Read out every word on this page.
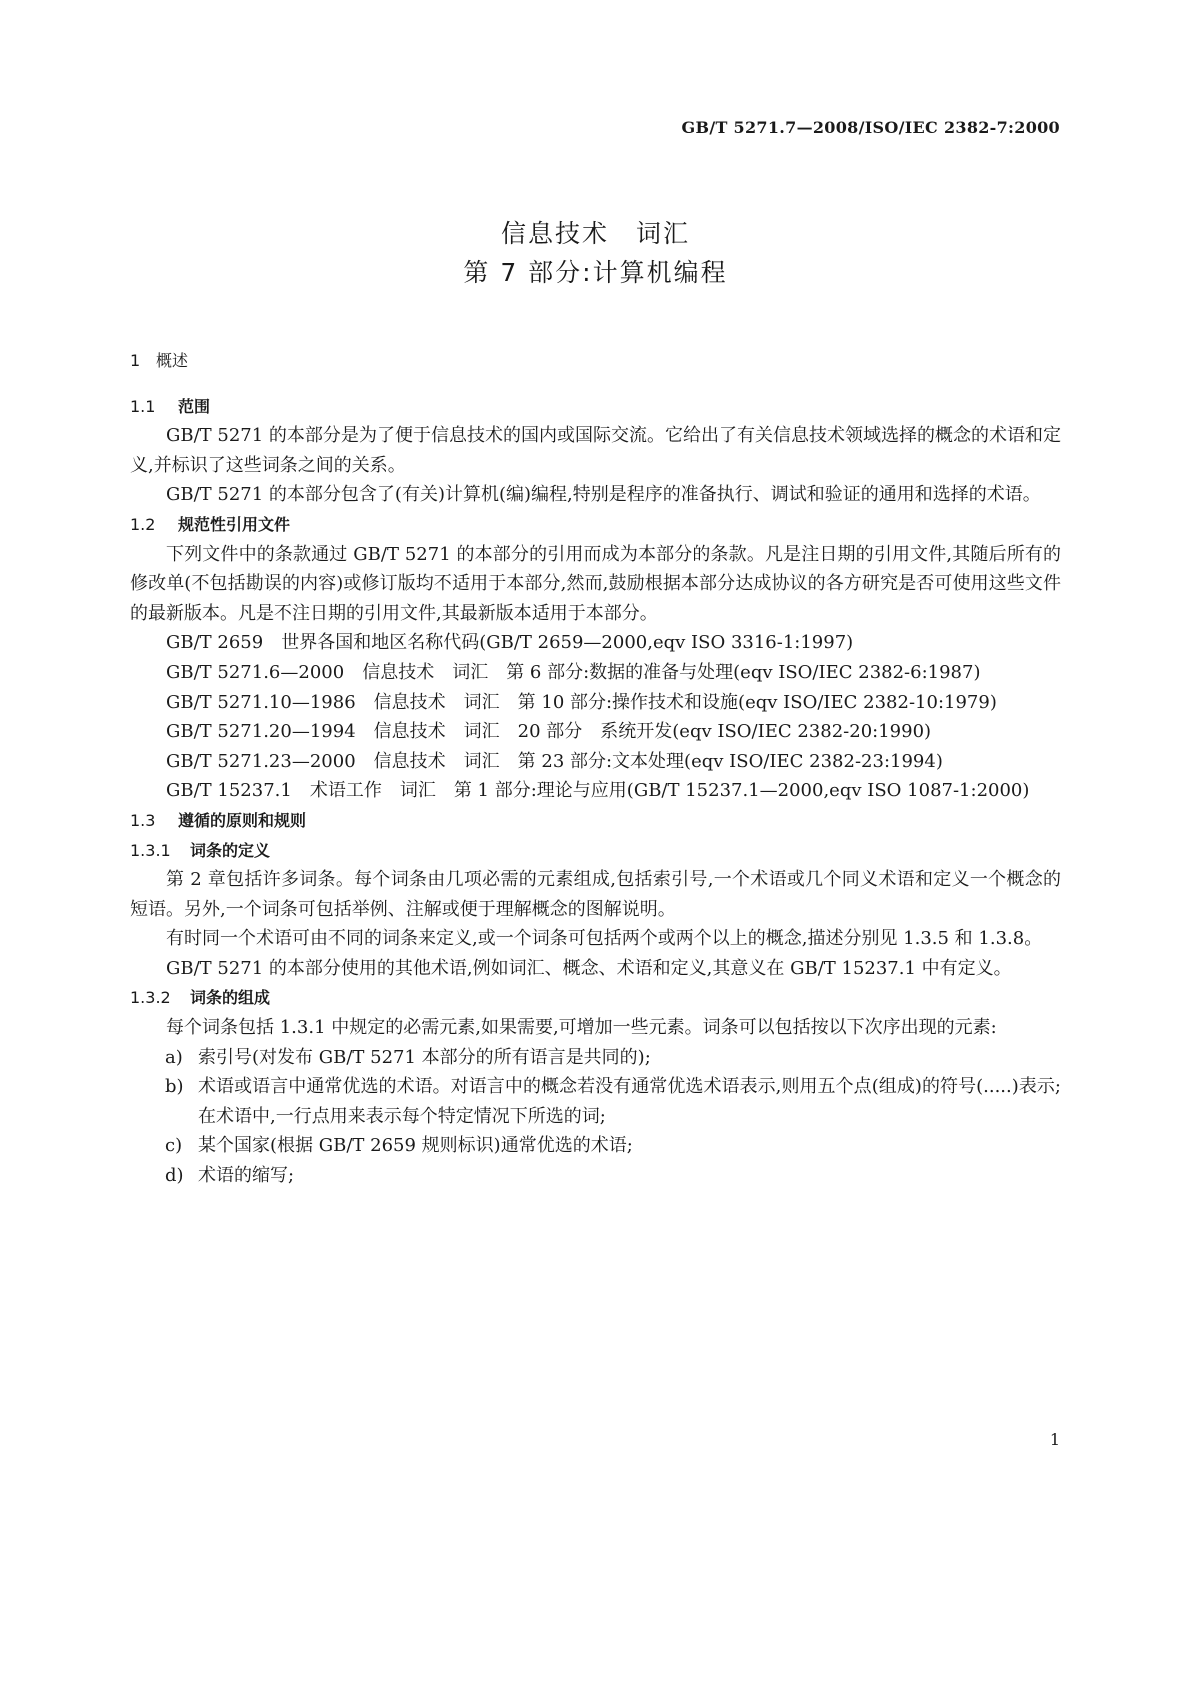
GB/T 5271.7—2008/ISO/IEC 2382-7:2000
信息技术　词汇
第 7 部分:计算机编程
1 概述
1.1 范围

GB/T 5271 的本部分是为了便于信息技术的国内或国际交流。它给出了有关信息技术领域选择的概念的术语和定义,并标识了这些词条之间的关系。

GB/T 5271 的本部分包含了(有关)计算机(编)编程,特别是程序的准备执行、调试和验证的通用和选择的术语。

1.2 规范性引用文件

下列文件中的条款通过 GB/T 5271 的本部分的引用而成为本部分的条款。凡是注日期的引用文件,其随后所有的修改单(不包括勘误的内容)或修订版均不适用于本部分,然而,鼓励根据本部分达成协议的各方研究是否可使用这些文件的最新版本。凡是不注日期的引用文件,其最新版本适用于本部分。

GB/T 2659　世界各国和地区名称代码(GB/T 2659—2000,eqv ISO 3316-1:1997)

GB/T 5271.6—2000　信息技术　词汇　第 6 部分:数据的准备与处理(eqv ISO/IEC 2382-6:1987)

GB/T 5271.10—1986　信息技术　词汇　第 10 部分:操作技术和设施(eqv ISO/IEC 2382-10:1979)

GB/T 5271.20—1994　信息技术　词汇　20 部分　系统开发(eqv ISO/IEC 2382-20:1990)

GB/T 5271.23—2000　信息技术　词汇　第 23 部分:文本处理(eqv ISO/IEC 2382-23:1994)

GB/T 15237.1　术语工作　词汇　第 1 部分:理论与应用(GB/T 15237.1—2000,eqv ISO 1087-1:2000)

1.3 遵循的原则和规则
1.3.1 词条的定义

第 2 章包括许多词条。每个词条由几项必需的元素组成,包括索引号,一个术语或几个同义术语和定义一个概念的短语。另外,一个词条可包括举例、注解或便于理解概念的图解说明。

有时同一个术语可由不同的词条来定义,或一个词条可包括两个或两个以上的概念,描述分别见 1.3.5 和 1.3.8。

GB/T 5271 的本部分使用的其他术语,例如词汇、概念、术语和定义,其意义在 GB/T 15237.1 中有定义。

1.3.2 词条的组成

每个词条包括 1.3.1 中规定的必需元素,如果需要,可增加一些元素。词条可以包括按以下次序出现的元素:

a) 索引号(对发布 GB/T 5271 本部分的所有语言是共同的);
b) 术语或语言中通常优选的术语。对语言中的概念若没有通常优选术语表示,则用五个点(组成)的符号(.....)表示;在术语中,一行点用来表示每个特定情况下所选的词;
c) 某个国家(根据 GB/T 2659 规则标识)通常优选的术语;
d) 术语的缩写;
1
